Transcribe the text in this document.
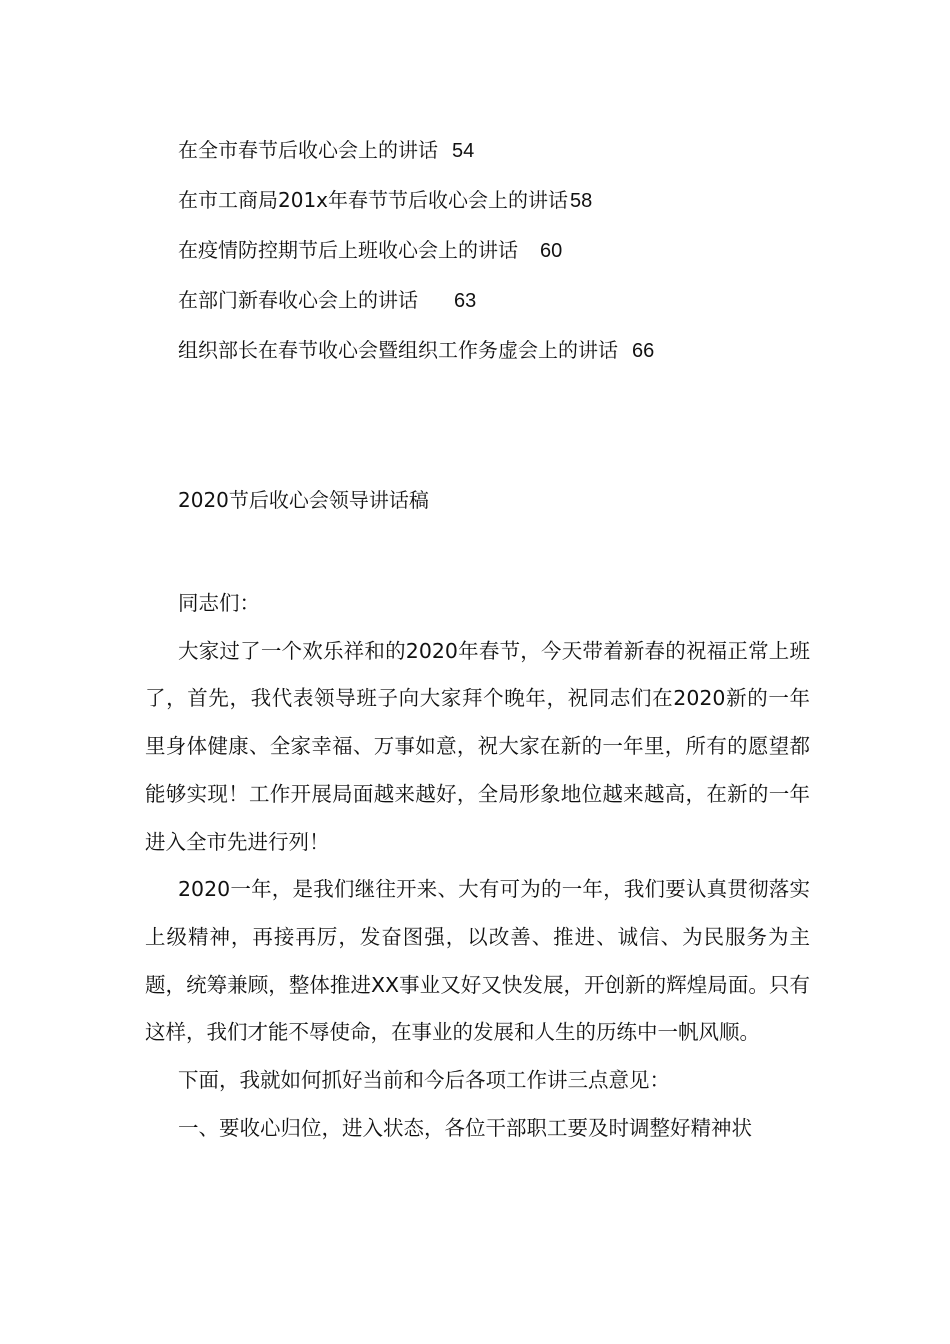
在全市春节后收心会上的讲话 54
在市工商局201x年春节节后收心会上的讲话 58
在疫情防控期节后上班收心会上的讲话 60
在部门新春收心会上的讲话 63
组织部长在春节收心会暨组织工作务虚会上的讲话 66
2020节后收心会领导讲话稿

同志们：

大家过了一个欢乐祥和的2020年春节，今天带着新春的祝福正常上班了，首先，我代表领导班子向大家拜个晚年，祝同志们在2020新的一年里身体健康、全家幸福、万事如意，祝大家在新的一年里，所有的愿望都能够实现！工作开展局面越来越好，全局形象地位越来越高，在新的一年进入全市先进行列！

2020一年，是我们继往开来、大有可为的一年，我们要认真贯彻落实上级精神，再接再厉，发奋图强，以改善、推进、诚信、为民服务为主题，统筹兼顾，整体推进XX事业又好又快发展，开创新的辉煌局面。只有这样，我们才能不辱使命，在事业的发展和人生的历练中一帆风顺。

下面，我就如何抓好当前和今后各项工作讲三点意见：

一、要收心归位，进入状态，各位干部职工要及时调整好精神状
